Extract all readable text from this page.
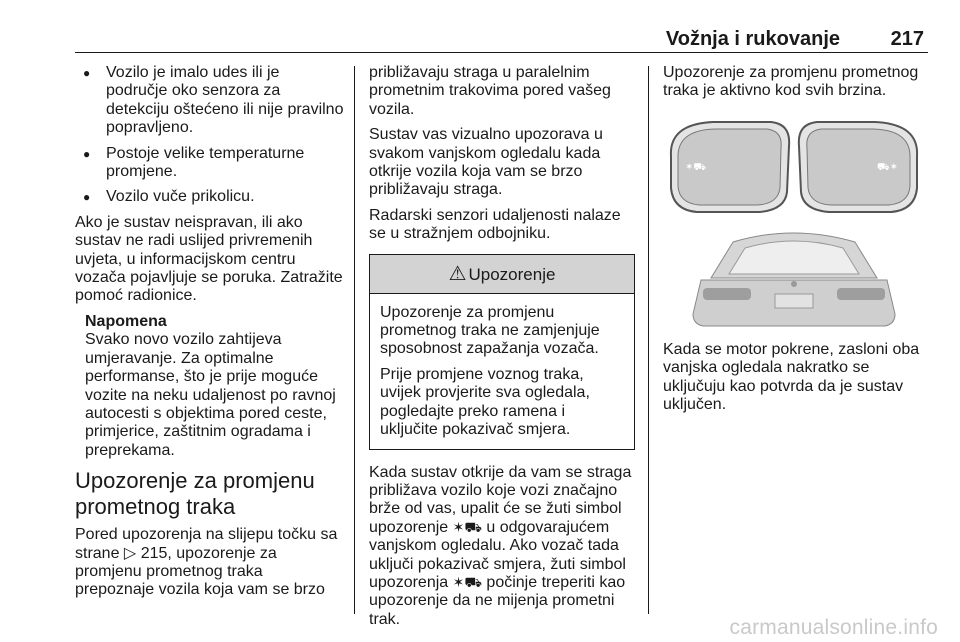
Vožnja i rukovanje	217
● Vozilo je imalo udes ili je područje oko senzora za detekciju oštećeno ili nije pravilno popravljeno.
● Postoje velike temperaturne promjene.
● Vozilo vuče prikolicu.

Ako je sustav neispravan, ili ako sustav ne radi uslijed privremenih uvjeta, u informacijskom centru vozača pojavljuje se poruka. Zatražite pomoć radionice.

Napomena

Svako novo vozilo zahtijeva umjeravanje. Za optimalne performanse, što je prije moguće vozite na neku udaljenost po ravnoj autocesti s objektima pored ceste, primjerice, zaštitnim ogradama i preprekama.

Upozorenje za promjenu prometnog traka

Pored upozorenja na slijepu točku sa strane ▷ 215, upozorenje za promjenu prometnog traka prepoznaje vozila koja vam se brzo

približavaju straga u paralelnim prometnim trakovima pored vašeg vozila.

Sustav vas vizualno upozorava u svakom vanjskom ogledalu kada otkrije vozila koja vam se brzo približavaju straga.

Radarski senzori udaljenosti nalaze se u stražnjem odbojniku.

⚠ Upozorenje

Upozorenje za promjenu prometnog traka ne zamjenjuje sposobnost zapažanja vozača.

Prije promjene voznog traka, uvijek provjerite sva ogledala, pogledajte preko ramena i uključite pokazivač smjera.

Kada sustav otkrije da vam se straga približava vozilo koje vozi značajno brže od vas, upalit će se žuti simbol upozorenje ✶⛟ u odgovarajućem vanjskom ogledalu. Ako vozač tada uključi pokazivač smjera, žuti simbol upozorenja ✶⛟ počinje treperiti kao upozorenje da ne mijenja prometni trak.

Upozorenje za promjenu prometnog traka je aktivno kod svih brzina.

✶⛟	⛟✶

Kada se motor pokrene, zasloni oba vanjska ogledala nakratko se uključuju kao potvrda da je sustav uključen.

carmanualsonline.info
